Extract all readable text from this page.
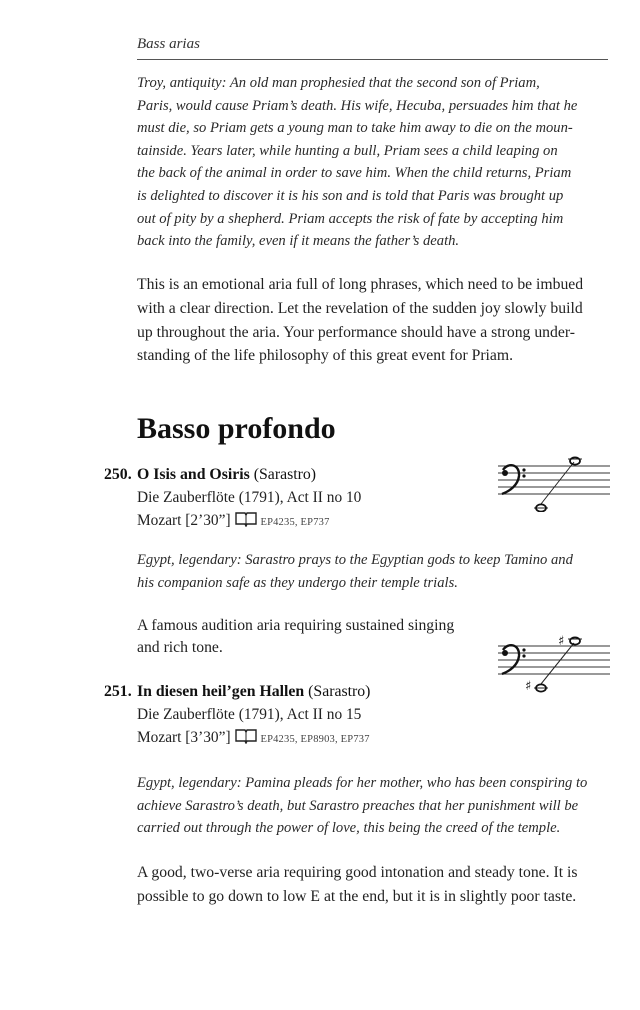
Bass arias
Troy, antiquity: An old man prophesied that the second son of Priam,
Paris, would cause Priam’s death. His wife, Hecuba, persuades him that he
must die, so Priam gets a young man to take him away to die on the moun-
tainside. Years later, while hunting a bull, Priam sees a child leaping on
the back of the animal in order to save him. When the child returns, Priam
is delighted to discover it is his son and is told that Paris was brought up
out of pity by a shepherd. Priam accepts the risk of fate by accepting him
back into the family, even if it means the father’s death.
This is an emotional aria full of long phrases, which need to be imbued
with a clear direction. Let the revelation of the sudden joy slowly build
up throughout the aria. Your performance should have a strong under-
standing of the life philosophy of this great event for Priam.
Basso profondo
250. O Isis and Osiris (Sarastro)
Die Zauberflöte (1791), Act II no 10
Mozart [2’30”]	EP4235, EP737
Egypt, legendary: Sarastro prays to the Egyptian gods to keep Tamino and
his companion safe as they undergo their temple trials.
A famous audition aria requiring sustained singing
and rich tone.
♯
♯
251. In diesen heil’gen Hallen (Sarastro)
Die Zauberflöte (1791), Act II no 15
Mozart [3’30”]	EP4235, EP8903, EP737
Egypt, legendary: Pamina pleads for her mother, who has been conspiring to
achieve Sarastro’s death, but Sarastro preaches that her punishment will be
carried out through the power of love, this being the creed of the temple.
A good, two-verse aria requiring good intonation and steady tone. It is
possible to go down to low E at the end, but it is in slightly poor taste.
